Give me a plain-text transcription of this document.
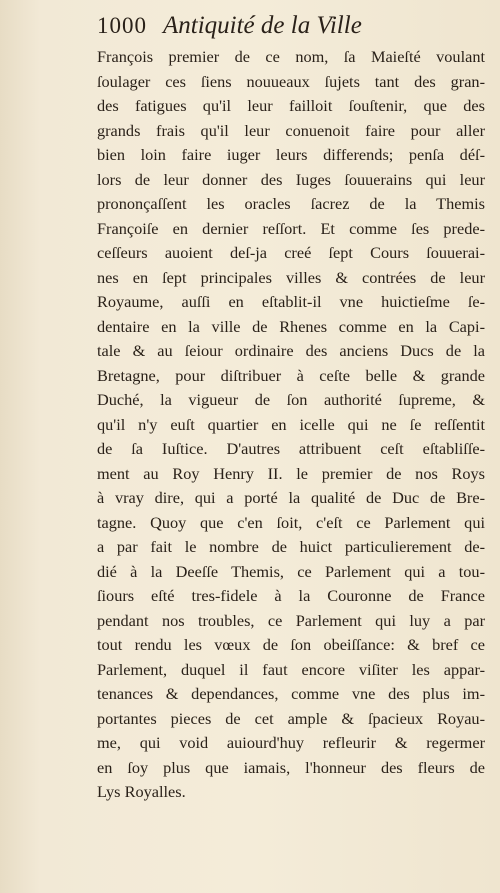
1000 Antiquité de la Ville
François premier de ce nom, ſa Maieſté voulant
ſoulager ces ſiens nouueaux ſujets tant des gran-
des fatigues qu'il leur failloit ſouſtenir, que des
grands frais qu'il leur conuenoit faire pour aller
bien loin faire iuger leurs differends; penſa déſ-
lors de leur donner des Iuges ſouuerains qui leur
prononçaſſent les oracles ſacrez de la Themis
Françoiſe en dernier reſſort. Et comme ſes prede-
ceſſeurs auoient deſ-ja creé ſept Cours ſouuerai-
nes en ſept principales villes & contrées de leur
Royaume, auſſi en eſtablit-il vne huictieſme ſe-
dentaire en la ville de Rhenes comme en la Capi-
tale & au ſeiour ordinaire des anciens Ducs de la
Bretagne, pour diſtribuer à ceſte belle & grande
Duché, la vigueur de ſon authorité ſupreme, &
qu'il n'y euſt quartier en icelle qui ne ſe reſſentit
de ſa Iuſtice. D'autres attribuent ceſt eſtabliſſe-
ment au Roy Henry II. le premier de nos Roys
à vray dire, qui a porté la qualité de Duc de Bre-
tagne. Quoy que c'en ſoit, c'eſt ce Parlement qui
a par fait le nombre de huict particulierement de-
dié à la Deeſſe Themis, ce Parlement qui a tou-
ſiours eſté tres-fidele à la Couronne de France
pendant nos troubles, ce Parlement qui luy a par
tout rendu les vœux de ſon obeiſſance: & bref ce
Parlement, duquel il faut encore viſiter les appar-
tenances & dependances, comme vne des plus im-
portantes pieces de cet ample & ſpacieux Royau-
me, qui void auiourd'huy refleurir & regermer
en ſoy plus que iamais, l'honneur des fleurs de
Lys Royalles.
